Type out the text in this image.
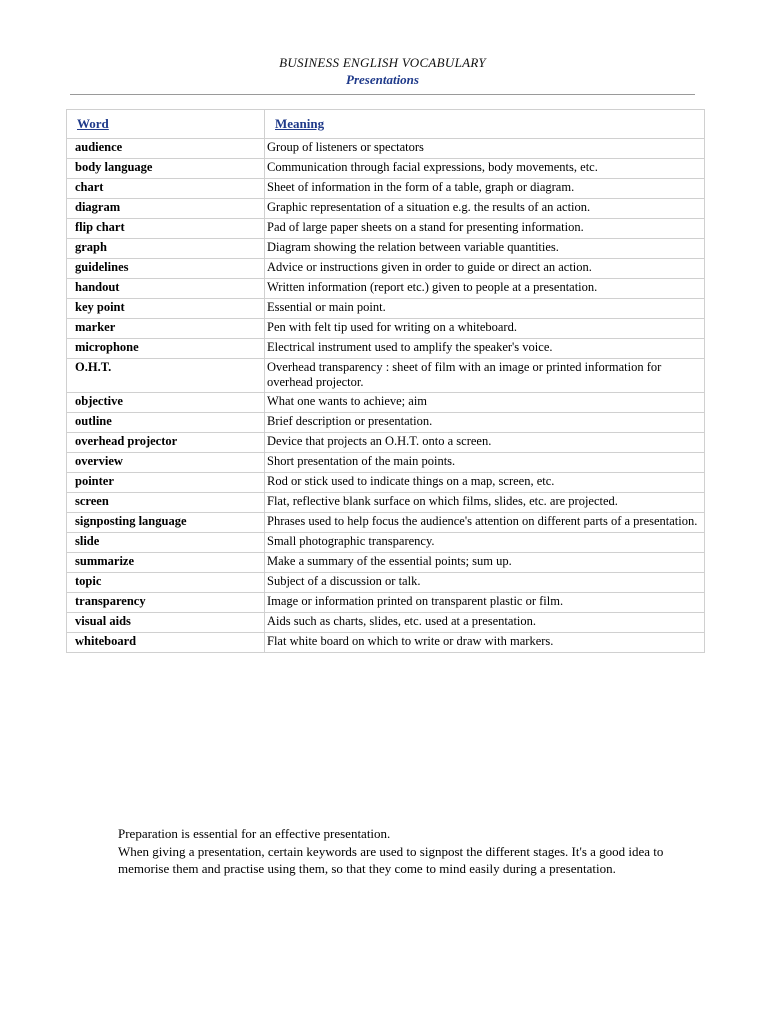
BUSINESS ENGLISH VOCABULARY
Presentations
Word	Meaning
audience	Group of listeners or spectators
body language	Communication through facial expressions, body movements, etc.
chart	Sheet of information in the form of a table, graph or diagram.
diagram	Graphic representation of a situation e.g. the results of an action.
flip chart	Pad of large paper sheets on a stand for presenting information.
graph	Diagram showing the relation between variable quantities.
guidelines	Advice or instructions given in order to guide or direct an action.
handout	Written information (report etc.) given to people at a presentation.
key point	Essential or main point.
marker	Pen with felt tip used for writing on a whiteboard.
microphone	Electrical instrument used to amplify the speaker's voice.
O.H.T.	Overhead transparency : sheet of film with an image or printed information for overhead projector.
objective	What one wants to achieve; aim
outline	Brief description or presentation.
overhead projector	Device that projects an O.H.T. onto a screen.
overview	Short presentation of the main points.
pointer	Rod or stick used to indicate things on a map, screen, etc.
screen	Flat, reflective blank surface on which films, slides, etc. are projected.
signposting language	Phrases used to help focus the audience's attention on different parts of a presentation.
slide	Small photographic transparency.
summarize	Make a summary of the essential points; sum up.
topic	Subject of a discussion or talk.
transparency	Image or information printed on transparent plastic or film.
visual aids	Aids such as charts, slides, etc. used at a presentation.
whiteboard	Flat white board on which to write or draw with markers.

Preparation is essential for an effective presentation.

When giving a presentation, certain keywords are used to signpost the different stages. It's a good idea to memorise them and practise using them, so that they come to mind easily during a presentation.
